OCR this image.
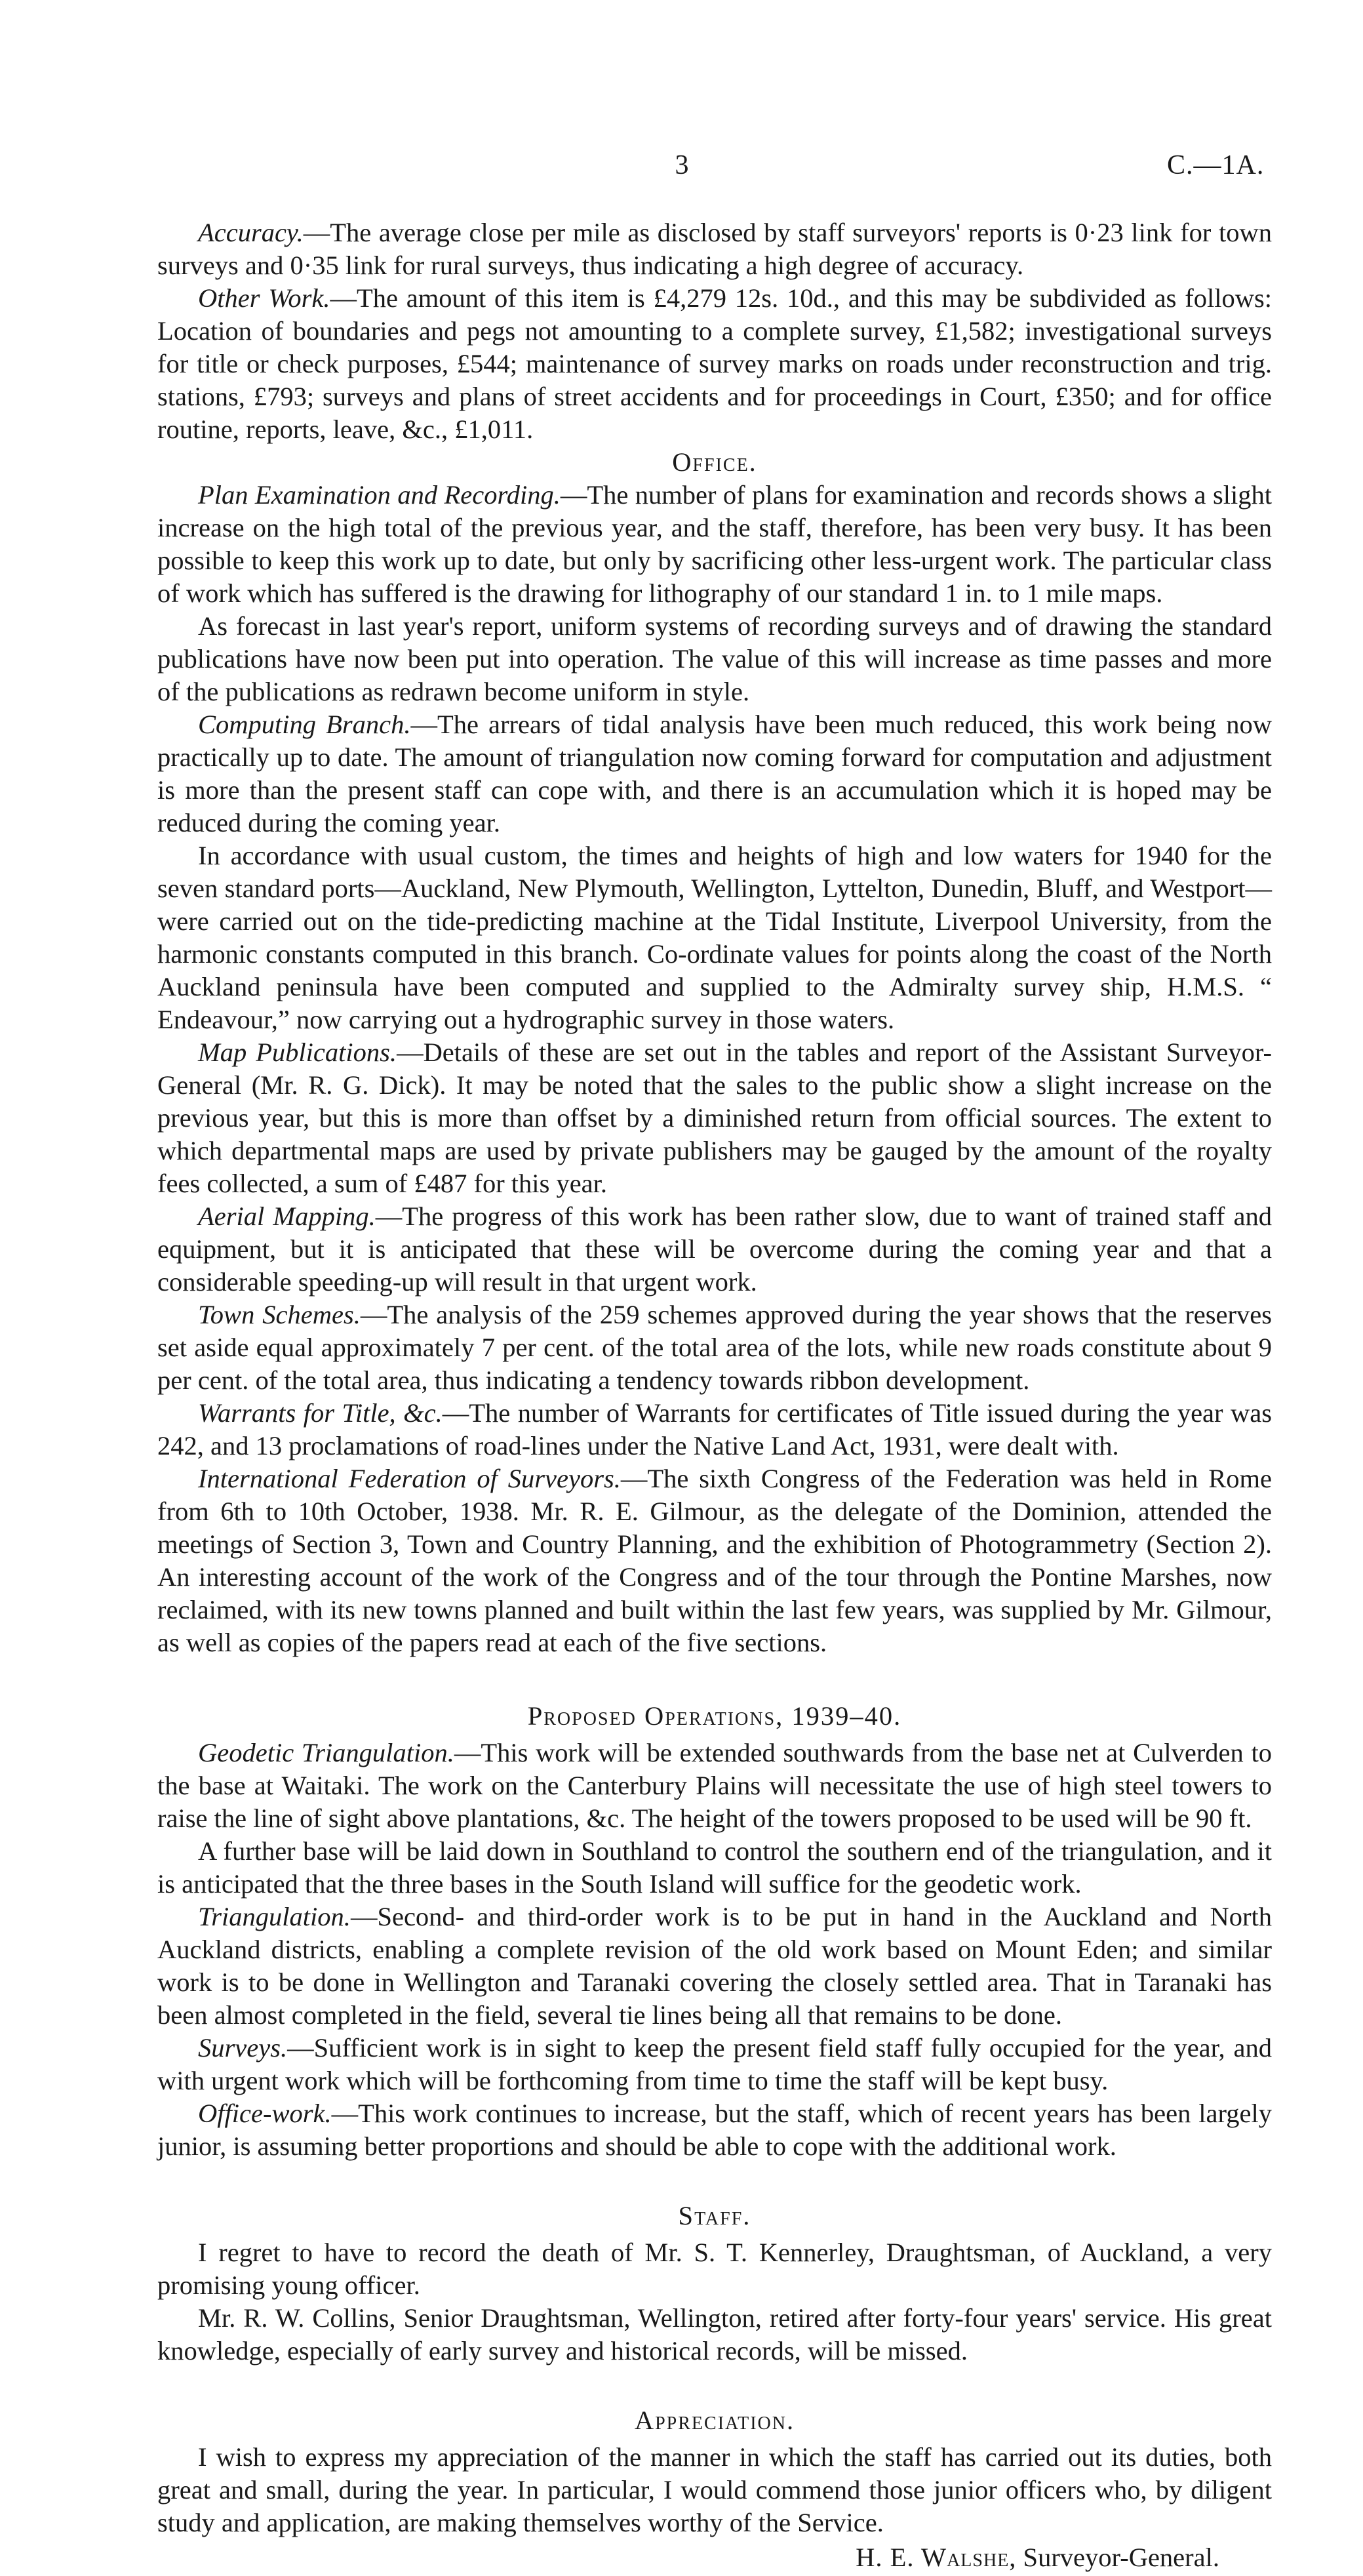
3	C.—1A.

Accuracy.—The average close per mile as disclosed by staff surveyors' reports is 0·23 link for town surveys and 0·35 link for rural surveys, thus indicating a high degree of accuracy.

Other Work.—The amount of this item is £4,279 12s. 10d., and this may be subdivided as follows: Location of boundaries and pegs not amounting to a complete survey, £1,582; investigational surveys for title or check purposes, £544; maintenance of survey marks on roads under reconstruction and trig. stations, £793; surveys and plans of street accidents and for proceedings in Court, £350; and for office routine, reports, leave, &c., £1,011.

Office.

Plan Examination and Recording.—The number of plans for examination and records shows a slight increase on the high total of the previous year, and the staff, therefore, has been very busy. It has been possible to keep this work up to date, but only by sacrificing other less-urgent work. The particular class of work which has suffered is the drawing for lithography of our standard 1 in. to 1 mile maps.

As forecast in last year's report, uniform systems of recording surveys and of drawing the standard publications have now been put into operation. The value of this will increase as time passes and more of the publications as redrawn become uniform in style.

Computing Branch.—The arrears of tidal analysis have been much reduced, this work being now practically up to date. The amount of triangulation now coming forward for computation and adjustment is more than the present staff can cope with, and there is an accumulation which it is hoped may be reduced during the coming year.

In accordance with usual custom, the times and heights of high and low waters for 1940 for the seven standard ports—Auckland, New Plymouth, Wellington, Lyttelton, Dunedin, Bluff, and Westport—were carried out on the tide-predicting machine at the Tidal Institute, Liverpool University, from the harmonic constants computed in this branch. Co-ordinate values for points along the coast of the North Auckland peninsula have been computed and supplied to the Admiralty survey ship, H.M.S. “ Endeavour,” now carrying out a hydrographic survey in those waters.

Map Publications.—Details of these are set out in the tables and report of the Assistant Surveyor-General (Mr. R. G. Dick). It may be noted that the sales to the public show a slight increase on the previous year, but this is more than offset by a diminished return from official sources. The extent to which departmental maps are used by private publishers may be gauged by the amount of the royalty fees collected, a sum of £487 for this year.

Aerial Mapping.—The progress of this work has been rather slow, due to want of trained staff and equipment, but it is anticipated that these will be overcome during the coming year and that a considerable speeding-up will result in that urgent work.

Town Schemes.—The analysis of the 259 schemes approved during the year shows that the reserves set aside equal approximately 7 per cent. of the total area of the lots, while new roads constitute about 9 per cent. of the total area, thus indicating a tendency towards ribbon development.

Warrants for Title, &c.—The number of Warrants for certificates of Title issued during the year was 242, and 13 proclamations of road-lines under the Native Land Act, 1931, were dealt with.

International Federation of Surveyors.—The sixth Congress of the Federation was held in Rome from 6th to 10th October, 1938. Mr. R. E. Gilmour, as the delegate of the Dominion, attended the meetings of Section 3, Town and Country Planning, and the exhibition of Photogrammetry (Section 2). An interesting account of the work of the Congress and of the tour through the Pontine Marshes, now reclaimed, with its new towns planned and built within the last few years, was supplied by Mr. Gilmour, as well as copies of the papers read at each of the five sections.

Proposed Operations, 1939–40.

Geodetic Triangulation.—This work will be extended southwards from the base net at Culverden to the base at Waitaki. The work on the Canterbury Plains will necessitate the use of high steel towers to raise the line of sight above plantations, &c. The height of the towers proposed to be used will be 90 ft.

A further base will be laid down in Southland to control the southern end of the triangulation, and it is anticipated that the three bases in the South Island will suffice for the geodetic work.

Triangulation.—Second- and third-order work is to be put in hand in the Auckland and North Auckland districts, enabling a complete revision of the old work based on Mount Eden; and similar work is to be done in Wellington and Taranaki covering the closely settled area. That in Taranaki has been almost completed in the field, several tie lines being all that remains to be done.

Surveys.—Sufficient work is in sight to keep the present field staff fully occupied for the year, and with urgent work which will be forthcoming from time to time the staff will be kept busy.

Office-work.—This work continues to increase, but the staff, which of recent years has been largely junior, is assuming better proportions and should be able to cope with the additional work.

Staff.

I regret to have to record the death of Mr. S. T. Kennerley, Draughtsman, of Auckland, a very promising young officer.

Mr. R. W. Collins, Senior Draughtsman, Wellington, retired after forty-four years' service. His great knowledge, especially of early survey and historical records, will be missed.

Appreciation.

I wish to express my appreciation of the manner in which the staff has carried out its duties, both great and small, during the year. In particular, I would commend those junior officers who, by diligent study and application, are making themselves worthy of the Service.

H. E. Walshe, Surveyor-General.
